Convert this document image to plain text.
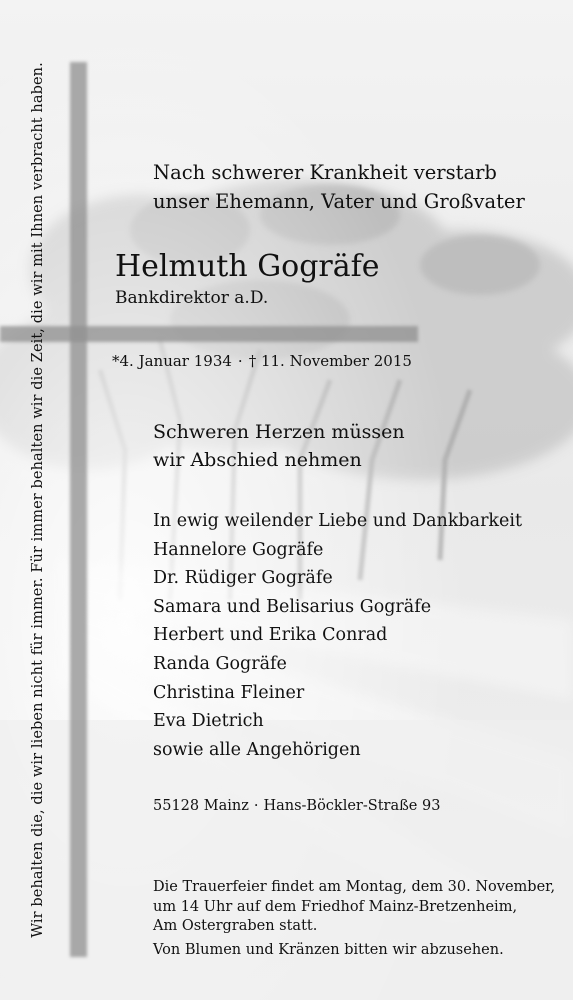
Wir behalten die, die wir lieben nicht für immer. Für immer behalten wir die Zeit, die wir mit Ihnen verbracht haben.	Nach schwerer Krankheit verstarb
unser Ehemann, Vater und Großvater
Helmuth Gogräfe
Bankdirektor a.D.
*4. Januar 1934 · † 11. November 2015
Schweren Herzen müssen
wir Abschied nehmen
In ewig weilender Liebe und Dankbarkeit
Hannelore Gogräfe
Dr. Rüdiger Gogräfe
Samara und Belisarius Gogräfe
Herbert und Erika Conrad
Randa Gogräfe
Christina Fleiner
Eva Dietrich
sowie alle Angehörigen
55128 Mainz · Hans-Böckler-Straße 93
Die Trauerfeier findet am Montag, dem 30. November,
um 14 Uhr auf dem Friedhof Mainz-Bretzenheim,
Am Ostergraben statt.
Von Blumen und Kränzen bitten wir abzusehen.
